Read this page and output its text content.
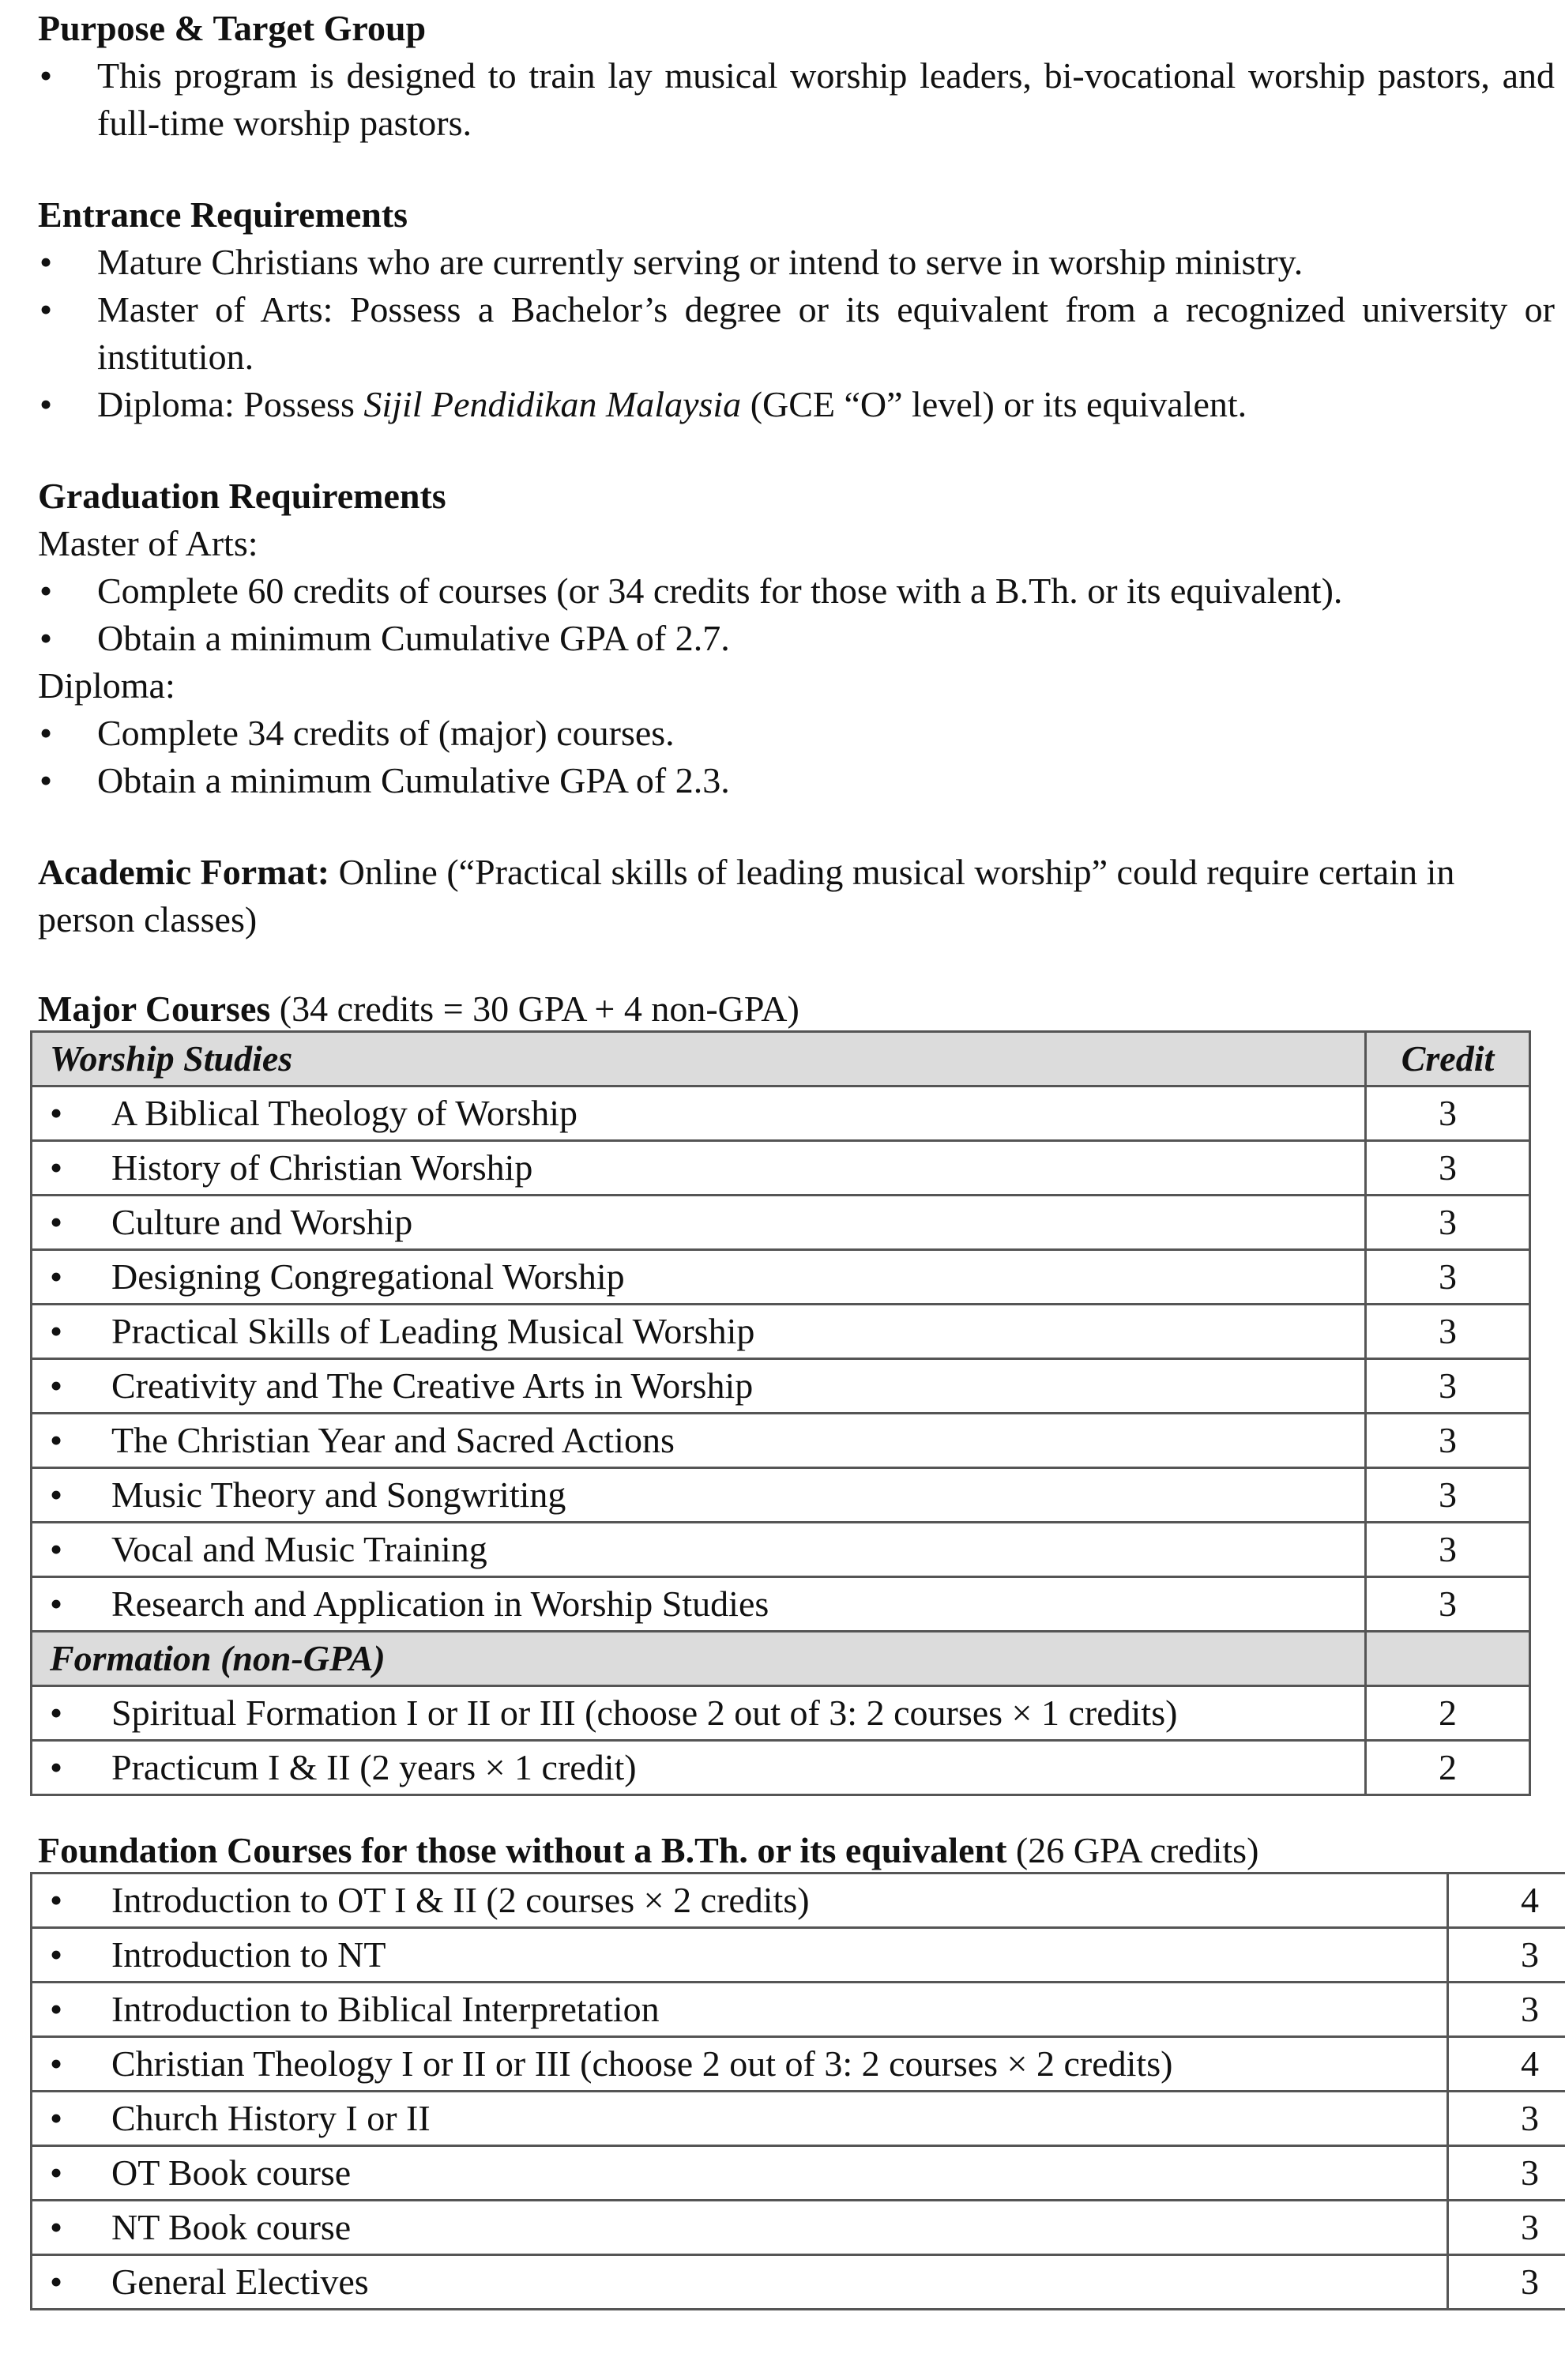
Purpose & Target Group
• This program is designed to train lay musical worship leaders, bi-vocational worship pastors, and full-time worship pastors.
Entrance Requirements
• Mature Christians who are currently serving or intend to serve in worship ministry.
• Master of Arts: Possess a Bachelor’s degree or its equivalent from a recognized university or institution.
• Diploma: Possess Sijil Pendidikan Malaysia (GCE “O” level) or its equivalent.
Graduation Requirements
Master of Arts:
• Complete 60 credits of courses (or 34 credits for those with a B.Th. or its equivalent).
• Obtain a minimum Cumulative GPA of 2.7.
Diploma:
• Complete 34 credits of (major) courses.
• Obtain a minimum Cumulative GPA of 2.3.
Academic Format: Online (“Practical skills of leading musical worship” could require certain in person classes)
Major Courses (34 credits = 30 GPA + 4 non-GPA)
Worship Studies	Credit
• A Biblical Theology of Worship	3
• History of Christian Worship	3
• Culture and Worship	3
• Designing Congregational Worship	3
• Practical Skills of Leading Musical Worship	3
• Creativity and The Creative Arts in Worship	3
• The Christian Year and Sacred Actions	3
• Music Theory and Songwriting	3
• Vocal and Music Training	3
• Research and Application in Worship Studies	3
Formation (non-GPA)	
• Spiritual Formation I or II or III (choose 2 out of 3: 2 courses × 1 credits)	2
• Practicum I & II (2 years × 1 credit)	2
Foundation Courses for those without a B.Th. or its equivalent (26 GPA credits)
• Introduction to OT I & II (2 courses × 2 credits)	4
• Introduction to NT	3
• Introduction to Biblical Interpretation	3
• Christian Theology I or II or III (choose 2 out of 3: 2 courses × 2 credits)	4
• Church History I or II	3
• OT Book course	3
• NT Book course	3
• General Electives	3
